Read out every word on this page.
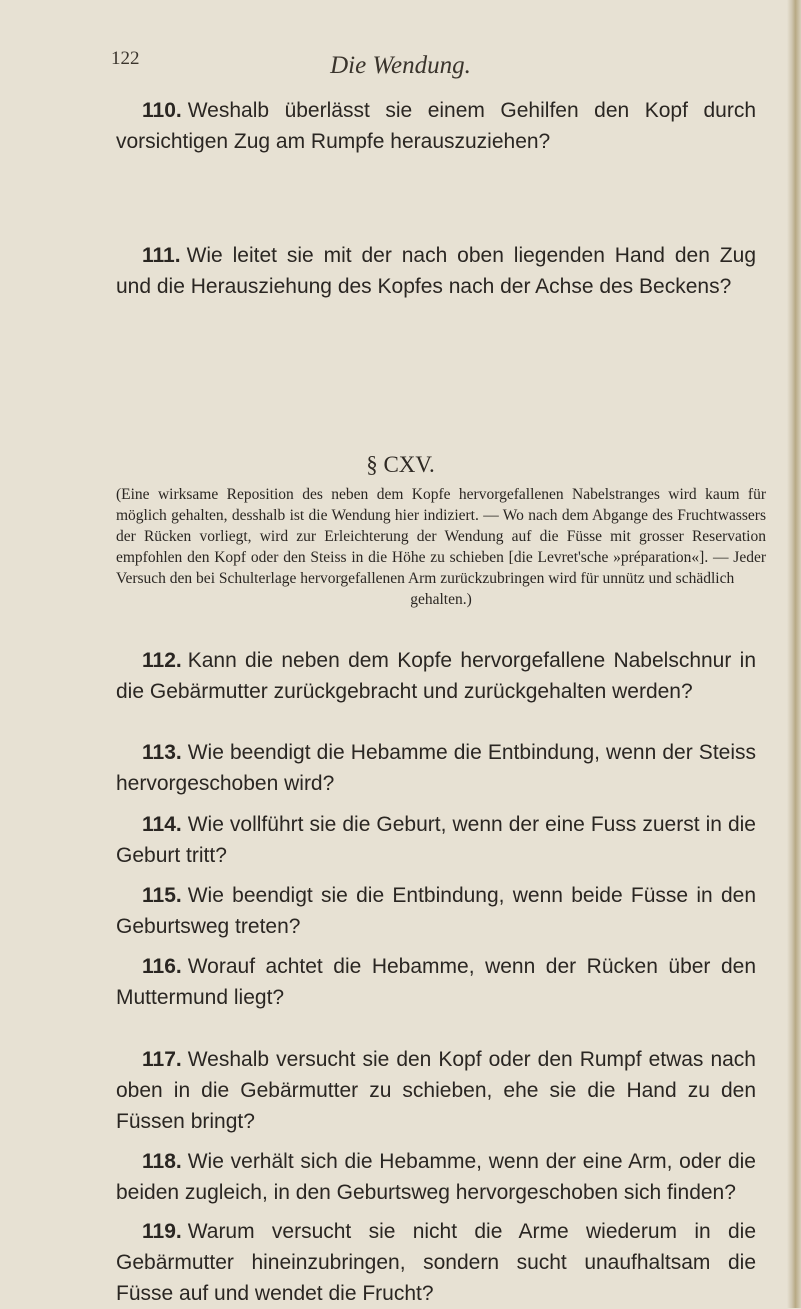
122	Die Wendung.

110. Weshalb überlässt sie einem Gehilfen den Kopf durch vorsichtigen Zug am Rumpfe herauszuziehen?

111. Wie leitet sie mit der nach oben liegenden Hand den Zug und die Herausziehung des Kopfes nach der Achse des Beckens?

§ CXV.

(Eine wirksame Reposition des neben dem Kopfe hervorgefallenen Nabelstranges wird kaum für möglich gehalten, desshalb ist die Wendung hier indiziert. — Wo nach dem Abgange des Fruchtwassers der Rücken vorliegt, wird zur Erleichterung der Wendung auf die Füsse mit grosser Reservation empfohlen den Kopf oder den Steiss in die Höhe zu schieben [die Levret'sche »préparation«]. — Jeder Versuch den bei Schulterlage hervorgefallenen Arm zurückzubringen wird für unnütz und schädlich
gehalten.)

112. Kann die neben dem Kopfe hervorgefallene Nabelschnur in die Gebärmutter zurückgebracht und zurückgehalten werden?

113. Wie beendigt die Hebamme die Entbindung, wenn der Steiss hervorgeschoben wird?

114. Wie vollführt sie die Geburt, wenn der eine Fuss zuerst in die Geburt tritt?

115. Wie beendigt sie die Entbindung, wenn beide Füsse in den Geburtsweg treten?

116. Worauf achtet die Hebamme, wenn der Rücken über den Muttermund liegt?

117. Weshalb versucht sie den Kopf oder den Rumpf etwas nach oben in die Gebärmutter zu schieben, ehe sie die Hand zu den Füssen bringt?

118. Wie verhält sich die Hebamme, wenn der eine Arm, oder die beiden zugleich, in den Geburtsweg hervorgeschoben sich finden?

119. Warum versucht sie nicht die Arme wiederum in die Gebärmutter hineinzubringen, sondern sucht unaufhaltsam die Füsse auf und wendet die Frucht?
